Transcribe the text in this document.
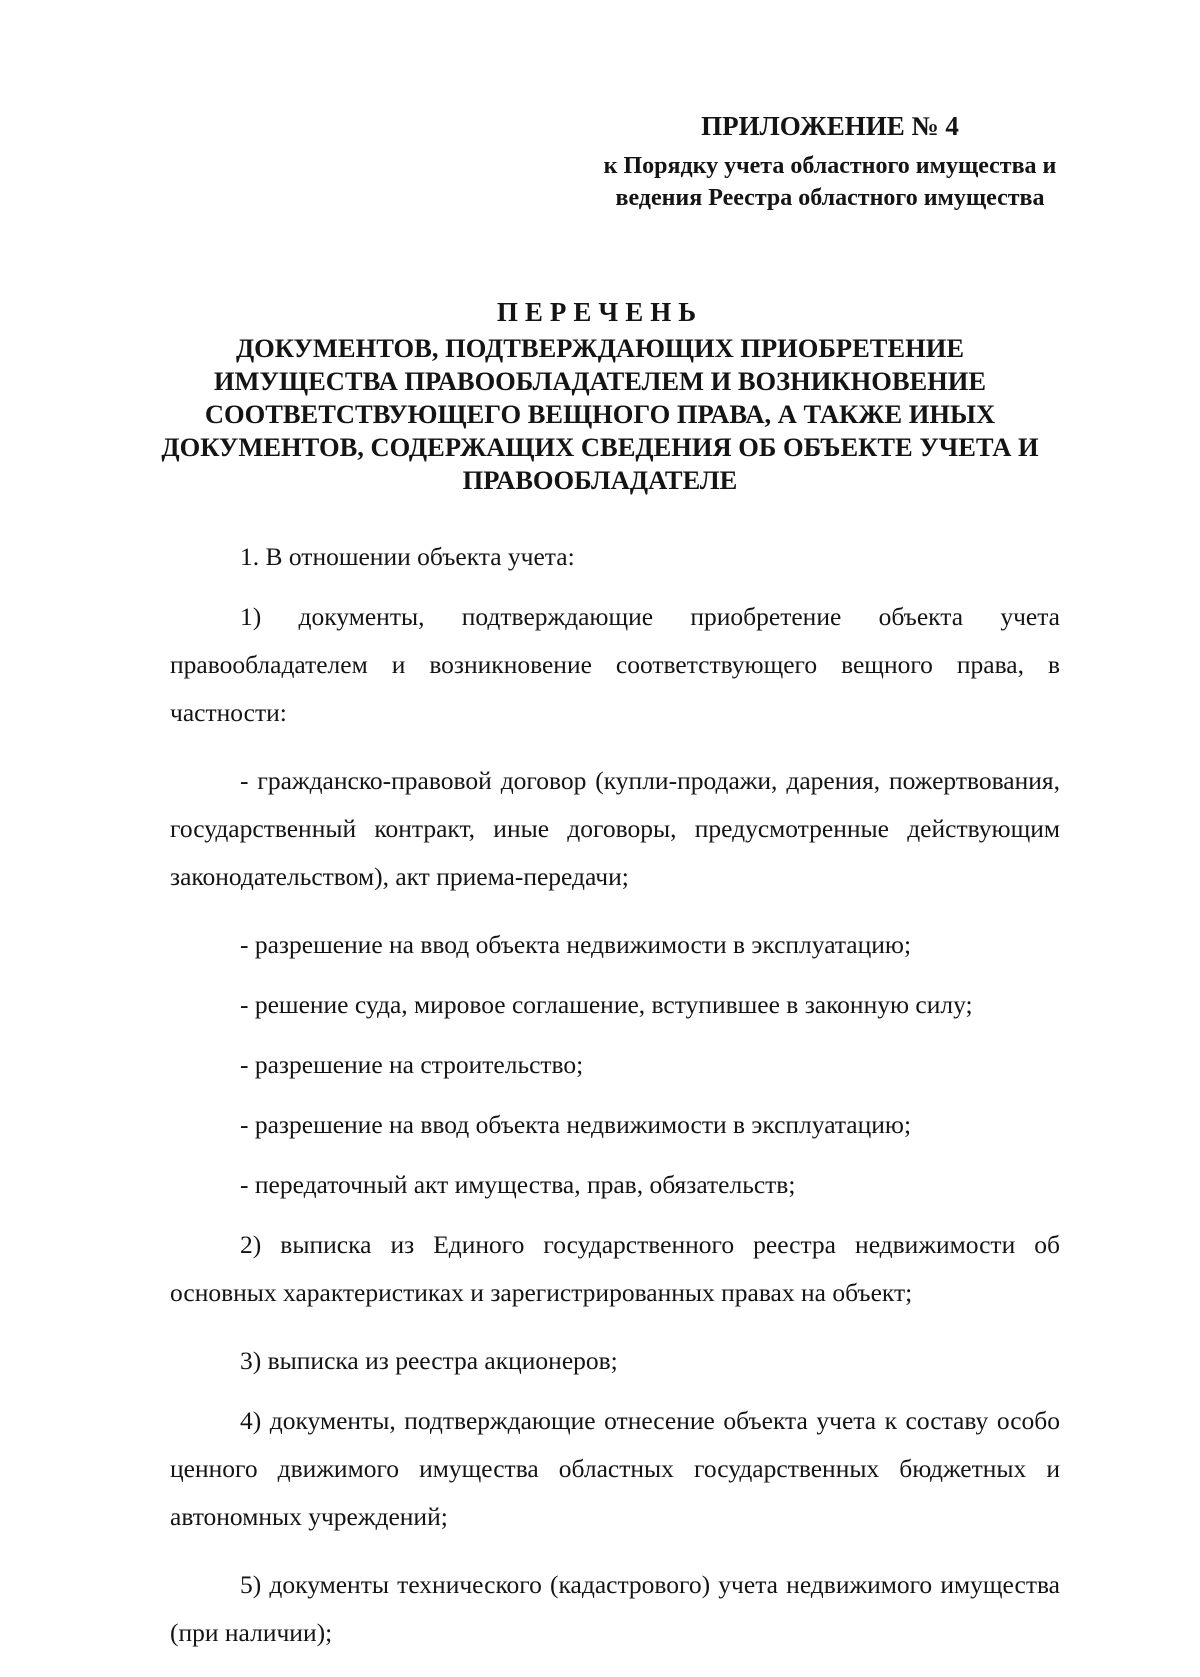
ПРИЛОЖЕНИЕ № 4
к Порядку учета областного имущества и ведения Реестра областного имущества
ПЕРЕЧЕНЬ
ДОКУМЕНТОВ, ПОДТВЕРЖДАЮЩИХ ПРИОБРЕТЕНИЕ ИМУЩЕСТВА ПРАВООБЛАДАТЕЛЕМ И ВОЗНИКНОВЕНИЕ СООТВЕТСТВУЮЩЕГО ВЕЩНОГО ПРАВА, А ТАКЖЕ ИНЫХ ДОКУМЕНТОВ, СОДЕРЖАЩИХ СВЕДЕНИЯ ОБ ОБЪЕКТЕ УЧЕТА И ПРАВООБЛАДАТЕЛЕ

1. В отношении объекта учета:

1) документы, подтверждающие приобретение объекта учета правообладателем и возникновение соответствующего вещного права, в частности:

- гражданско-правовой договор (купли-продажи, дарения, пожертвования, государственный контракт, иные договоры, предусмотренные действующим законодательством), акт приема-передачи;

- разрешение на ввод объекта недвижимости в эксплуатацию;

- решение суда, мировое соглашение, вступившее в законную силу;

- разрешение на строительство;

- разрешение на ввод объекта недвижимости в эксплуатацию;

- передаточный акт имущества, прав, обязательств;

2) выписка из Единого государственного реестра недвижимости об основных характеристиках и зарегистрированных правах на объект;

3) выписка из реестра акционеров;

4) документы, подтверждающие отнесение объекта учета к составу особо ценного движимого имущества областных государственных бюджетных и автономных учреждений;

5) документы технического (кадастрового) учета недвижимого имущества (при наличии);
